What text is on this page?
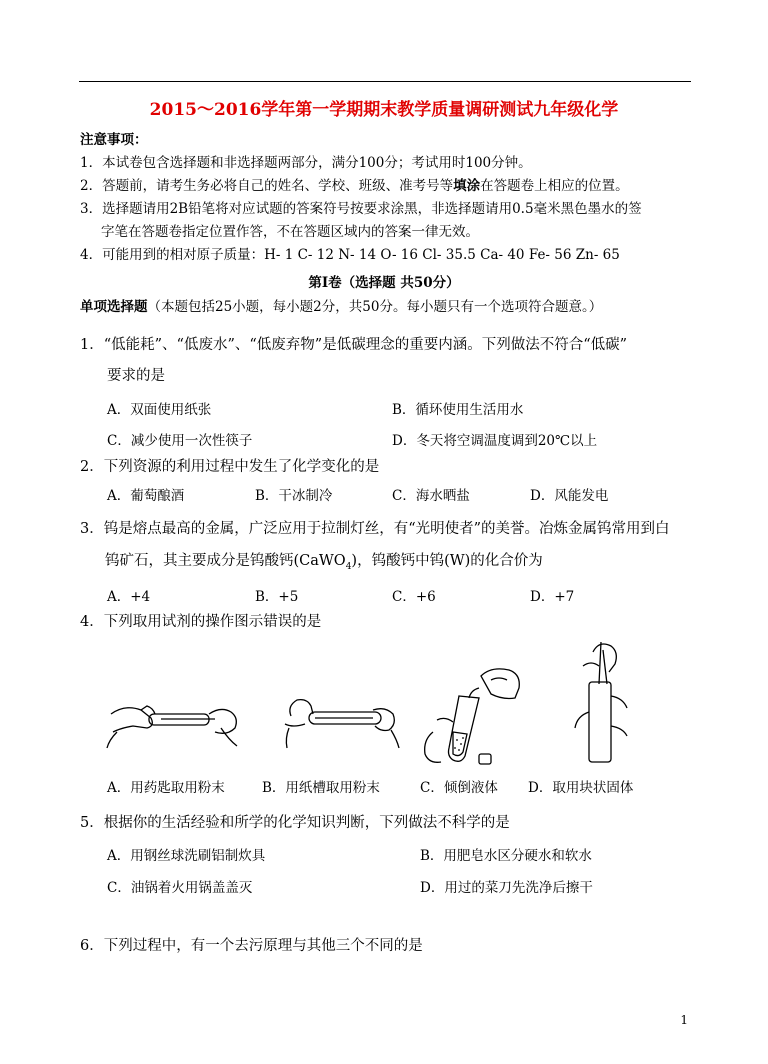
2015～2016学年第一学期期末教学质量调研测试九年级化学
注意事项：
1．本试卷包含选择题和非选择题两部分，满分100分；考试用时100分钟。
2．答题前，请考生务必将自己的姓名、学校、班级、准考号等填涂在答题卷上相应的位置。
3．选择题请用2B铅笔将对应试题的答案符号按要求涂黑，非选择题请用0.5毫米黑色墨水的签
字笔在答题卷指定位置作答，不在答题区域内的答案一律无效。
4．可能用到的相对原子质量：H- 1 C- 12 N- 14 O- 16 Cl- 35.5 Ca- 40 Fe- 56 Zn- 65
第Ⅰ卷（选择题 共50分）
单项选择题（本题包括25小题，每小题2分，共50分。每小题只有一个选项符合题意。）
1．“低能耗”、“低废水”、“低废弃物”是低碳理念的重要内涵。下列做法不符合“低碳”
要求的是
A．双面使用纸张	B．循环使用生活用水
C．减少使用一次性筷子	D．冬天将空调温度调到20℃以上
2．下列资源的利用过程中发生了化学变化的是
A．葡萄酿酒	B．干冰制冷	C．海水晒盐	D．风能发电
3．钨是熔点最高的金属，广泛应用于拉制灯丝，有“光明使者”的美誉。冶炼金属钨常用到白
钨矿石，其主要成分是钨酸钙(CaWO$_4$)，钨酸钙中钨(W)的化合价为
A．+4	B．+5	C．+6	D．+7
4．下列取用试剂的操作图示错误的是
A．用药匙取用粉末	B．用纸槽取用粉末	C．倾倒液体 D．取用块状固体
5．根据你的生活经验和所学的化学知识判断，下列做法不科学的是
A．用钢丝球洗刷铝制炊具	B．用肥皂水区分硬水和软水
C．油锅着火用锅盖盖灭	D．用过的菜刀先洗净后擦干
6．下列过程中，有一个去污原理与其他三个不同的是
1
